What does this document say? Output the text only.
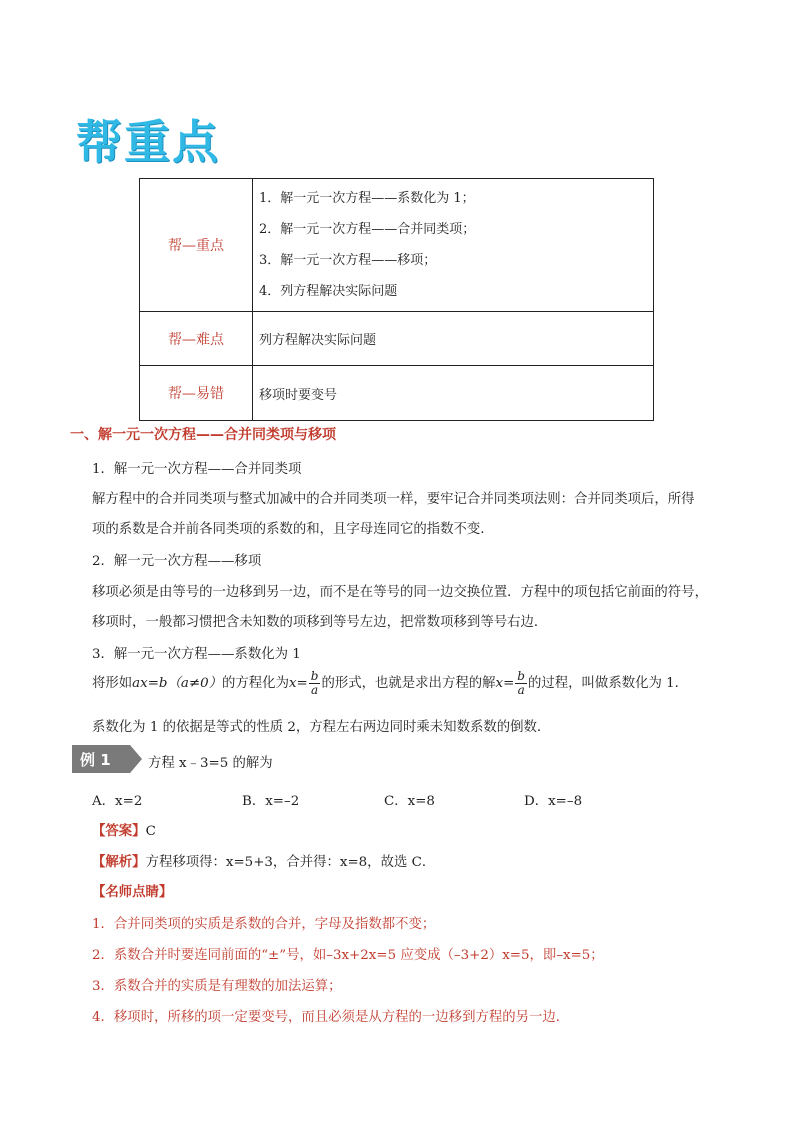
帮重点
帮—重点	1．解一元一次方程——系数化为 1；
2．解一元一次方程——合并同类项；
3．解一元一次方程——移项；
4．列方程解决实际问题

帮—难点	列方程解决实际问题
帮—易错	移项时要变号
一、解一元一次方程——合并同类项与移项
1．解一元一次方程——合并同类项
解方程中的合并同类项与整式加减中的合并同类项一样，要牢记合并同类项法则：合并同类项后，所得
项的系数是合并前各同类项的系数的和，且字母连同它的指数不变．
2．解一元一次方程——移项
移项必须是由等号的一边移到另一边，而不是在等号的同一边交换位置．方程中的项包括它前面的符号，
移项时，一般都习惯把含未知数的项移到等号左边，把常数项移到等号右边．
3．解一元一次方程——系数化为 1
将形如ax=b（a≠0）的方程化为$x= \frac{b}{a}$ 的形式，也就是求出方程的解$x= \frac{b}{a}$ 的过程，叫做系数化为 1．
系数化为 1 的依据是等式的性质 2，方程左右两边同时乘未知数系数的倒数．
例 1	方程 x﹣3=5 的解为
A．x=2	B．x=–2	C．x=8	D．x=–8
【答案】C
【解析】方程移项得：x=5+3，合并得：x=8，故选 C．
【名师点睛】
1．合并同类项的实质是系数的合并，字母及指数都不变；
2．系数合并时要连同前面的“±”号，如–3x+2x=5 应变成（–3+2）x=5，即–x=5；
3．系数合并的实质是有理数的加法运算；
4．移项时，所移的项一定要变号，而且必须是从方程的一边移到方程的另一边．
